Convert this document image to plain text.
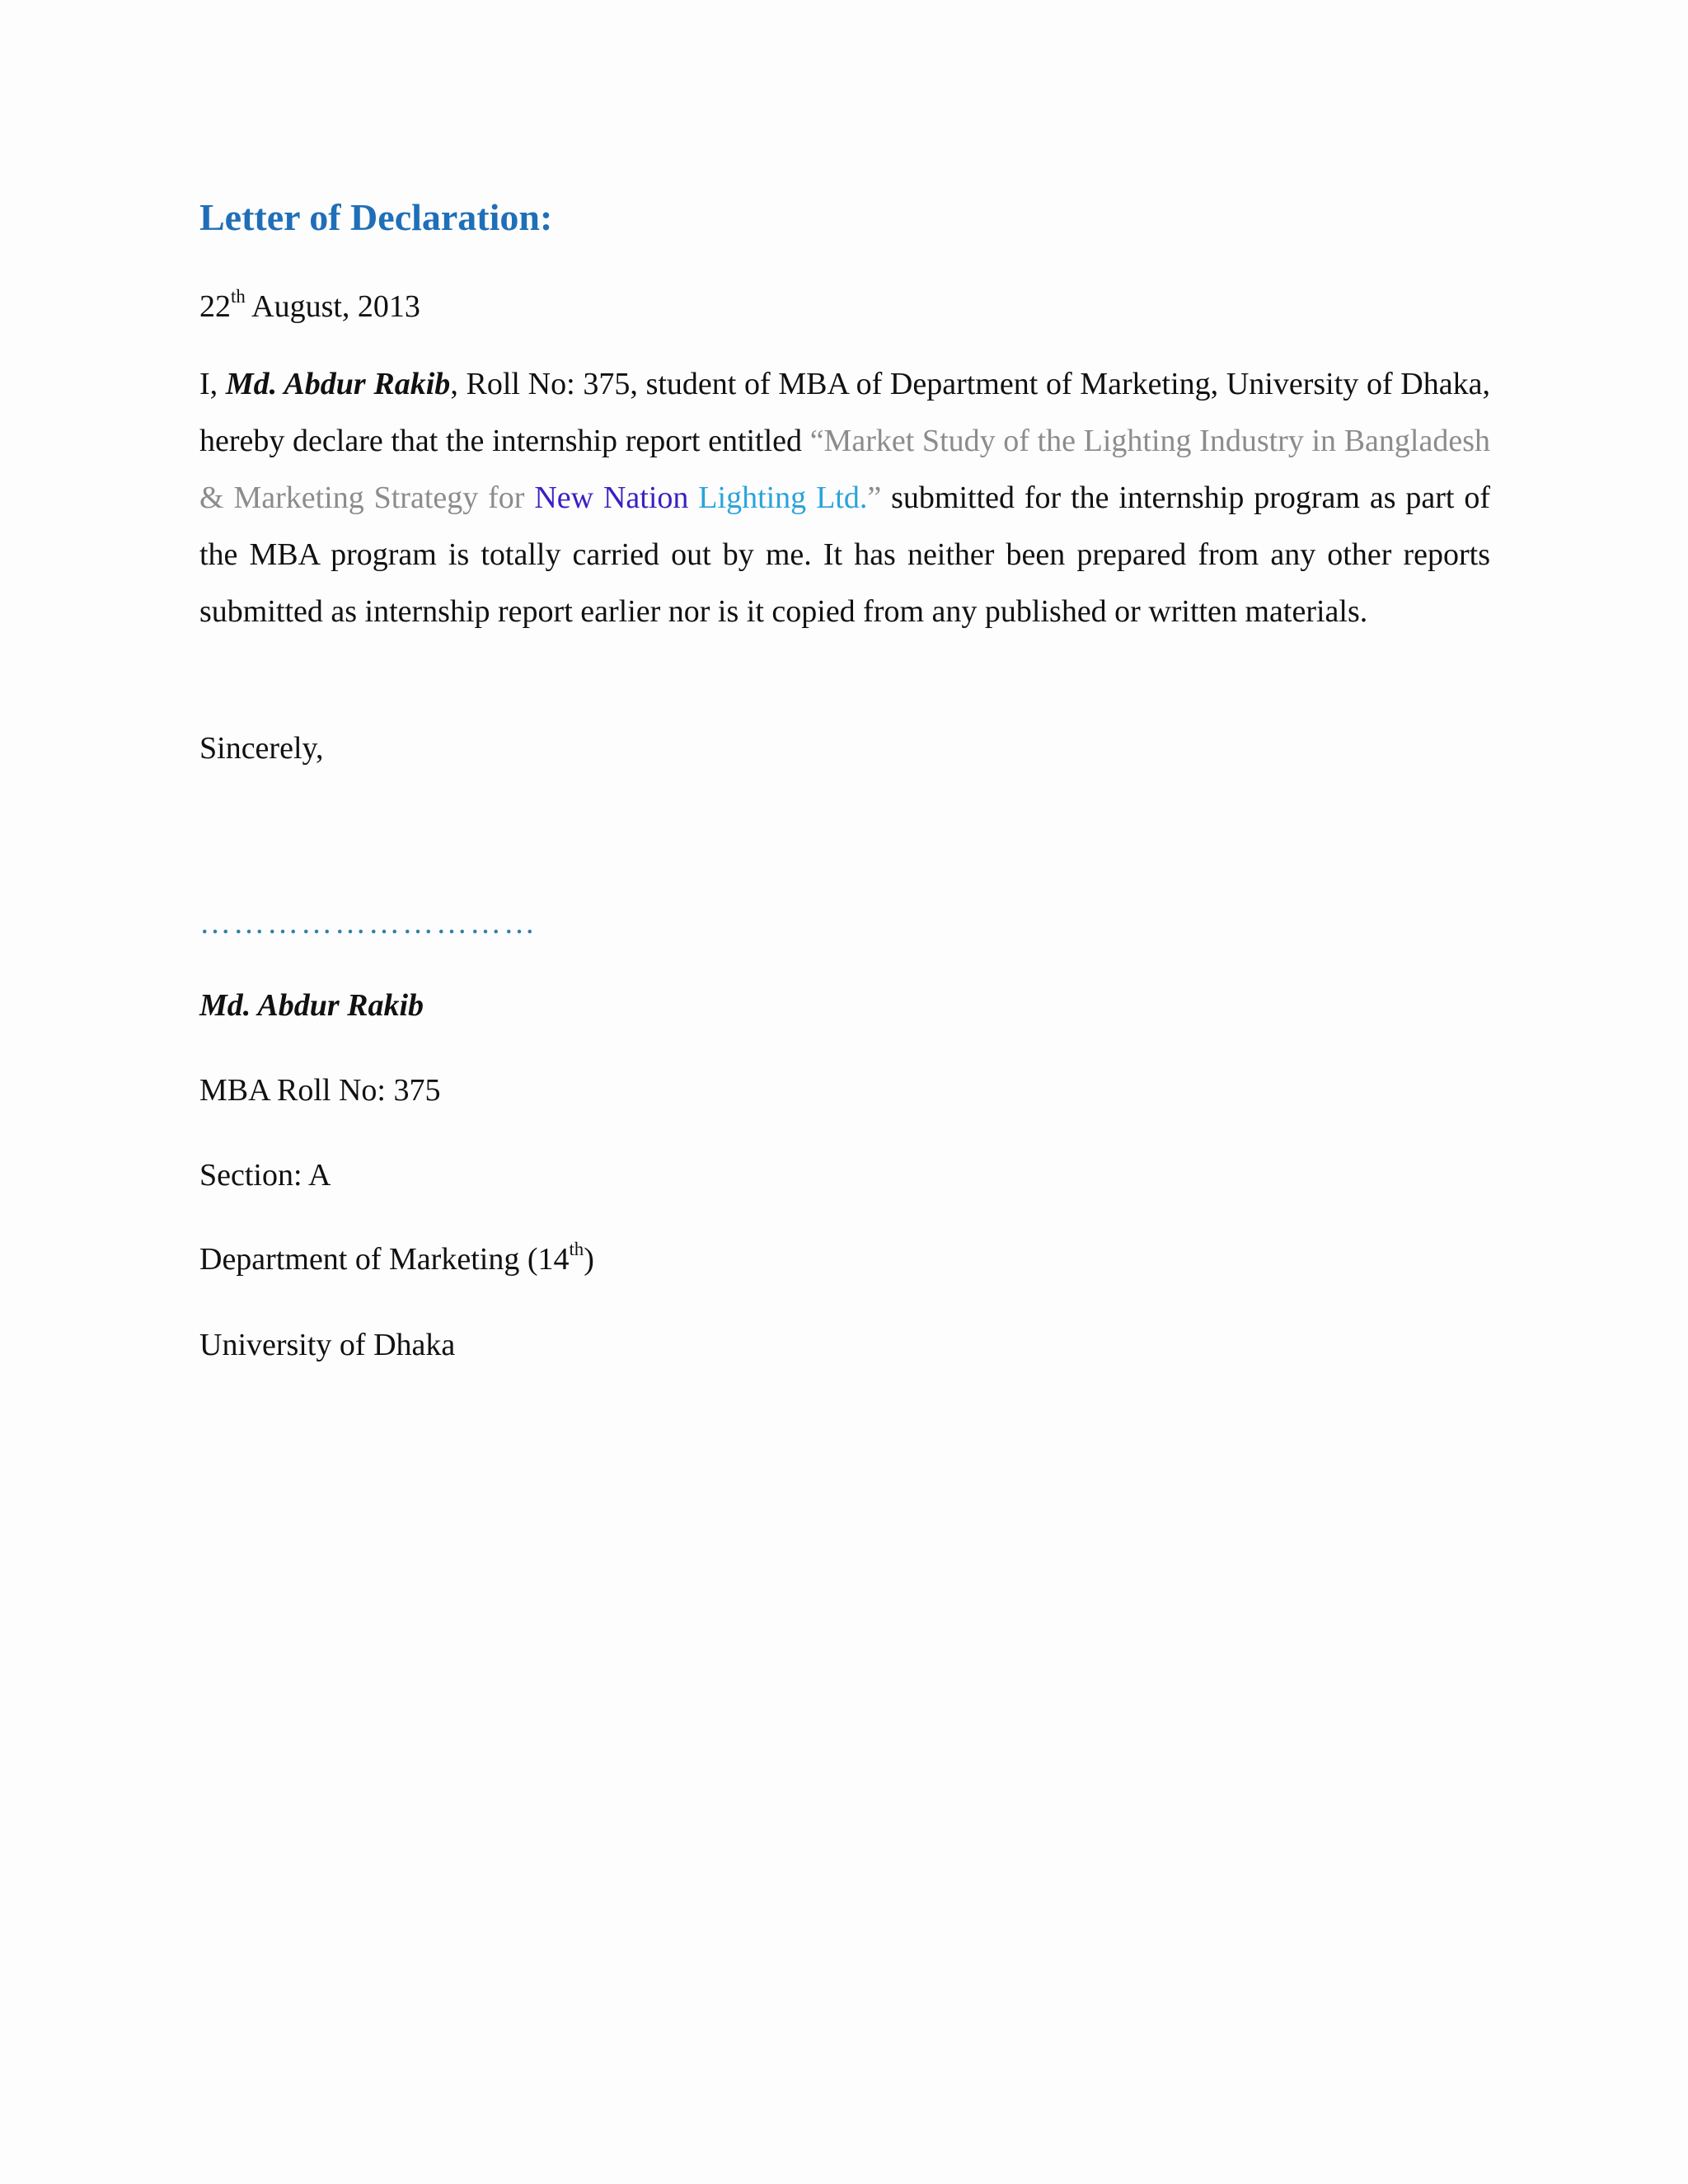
Letter of Declaration:
22th August, 2013

I, Md. Abdur Rakib, Roll No: 375, student of MBA of Department of Marketing, University of Dhaka, hereby declare that the internship report entitled “Market Study of the Lighting Industry in Bangladesh & Marketing Strategy for New Nation Lighting Ltd.” submitted for the internship program as part of the MBA program is totally carried out by me. It has neither been prepared from any other reports submitted as internship report earlier nor is it copied from any published or written materials.

Sincerely,
…………………………
Md. Abdur Rakib
MBA Roll No: 375
Section: A
Department of Marketing (14th)
University of Dhaka
